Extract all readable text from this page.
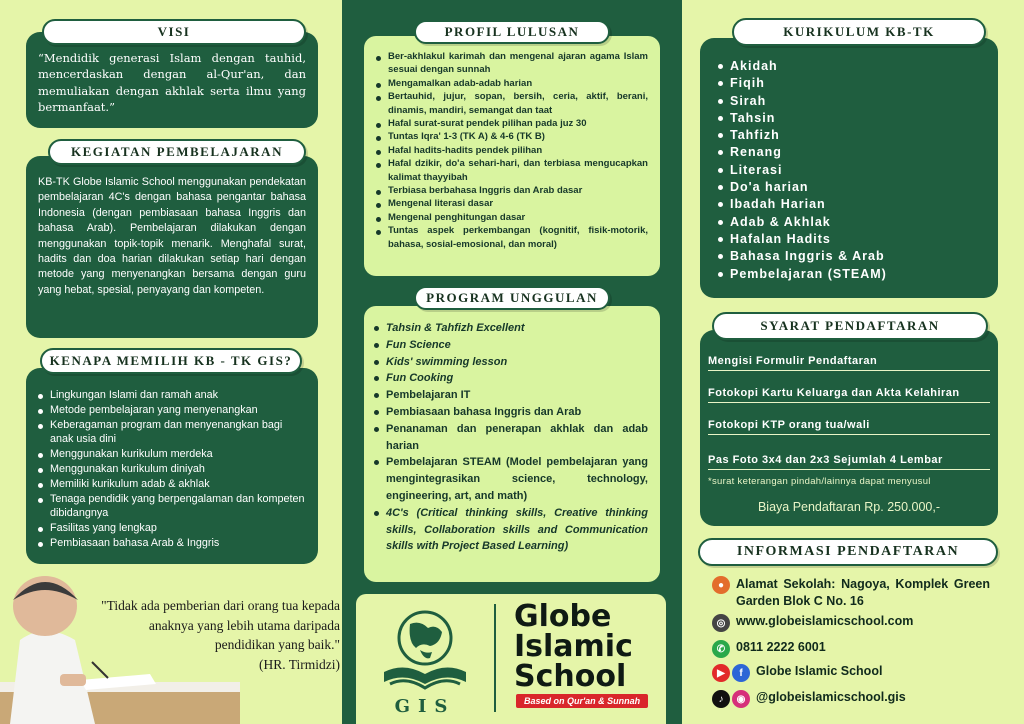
“Mendidik generasi Islam dengan tauhid, mencerdaskan dengan al-Qur'an, dan memuliakan dengan akhlak serta ilmu yang bermanfaat.”

VISI

KB-TK Globe Islamic School menggunakan pendekatan pembelajaran 4C's dengan bahasa pengantar bahasa Indonesia (dengan pembiasaan bahasa Inggris dan bahasa Arab). Pembelajaran dilakukan dengan menggunakan topik-topik menarik. Menghafal surat, hadits dan doa harian dilakukan setiap hari dengan metode yang menyenangkan bersama dengan guru yang hebat, spesial, penyayang dan kompeten.

KEGIATAN PEMBELAJARAN
Lingkungan Islami dan ramah anak
Metode pembelajaran yang menyenangkan
Keberagaman program dan menyenangkan bagi anak usia dini
Menggunakan kurikulum merdeka
Menggunakan kurikulum diniyah
Memiliki kurikulum adab & akhlak
Tenaga pendidik yang berpengalaman dan kompeten dibidangnya
Fasilitas yang lengkap
Pembiasaan bahasa Arab & Inggris
KENAPA MEMILIH KB - TK GIS?
"Tidak ada pemberian dari orang tua kepada anaknya yang lebih utama daripada pendidikan yang baik."
(HR. Tirmidzi)
Ber-akhlakul karimah dan mengenal ajaran agama Islam sesuai dengan sunnah
Mengamalkan adab-adab harian
Bertauhid, jujur, sopan, bersih, ceria, aktif, berani, dinamis, mandiri, semangat dan taat
Hafal surat-surat pendek pilihan pada juz 30
Tuntas Iqra' 1-3 (TK A) & 4-6 (TK B)
Hafal hadits-hadits pendek pilihan
Hafal dzikir, do'a sehari-hari, dan terbiasa mengucapkan kalimat thayyibah
Terbiasa berbahasa Inggris dan Arab dasar
Mengenal literasi dasar
Mengenal penghitungan dasar
Tuntas aspek perkembangan (kognitif, fisik-motorik, bahasa, sosial-emosional, dan moral)
PROFIL LULUSAN
Tahsin & Tahfizh Excellent
Fun Science
Kids' swimming lesson
Fun Cooking
Pembelajaran IT
Pembiasaan bahasa Inggris dan Arab
Penanaman dan penerapan akhlak dan adab harian
Pembelajaran STEAM (Model pembelajaran yang mengintegrasikan science, technology, engineering, art, and math)
4C's (Critical thinking skills, Creative thinking skills, Collaboration skills and Communication skills with Project Based Learning)
PROGRAM UNGGULAN
GIS
Globe
Islamic
School
Based on Qur'an & Sunnah
Akidah
Fiqih
Sirah
Tahsin
Tahfizh
Renang
Literasi
Do'a harian
Ibadah Harian
Adab & Akhlak
Hafalan Hadits
Bahasa Inggris & Arab
Pembelajaran (STEAM)
KURIKULUM KB-TK
Mengisi Formulir Pendaftaran
Fotokopi Kartu Keluarga dan Akta Kelahiran
Fotokopi KTP orang tua/wali
Pas Foto 3x4 dan 2x3 Sejumlah 4 Lembar
*surat keterangan pindah/lainnya dapat menyusul
Biaya Pendaftaran Rp. 250.000,-
SYARAT PENDAFTARAN
INFORMASI PENDAFTARAN
● Alamat Sekolah: Nagoya, Komplek Green Garden Blok C No. 16
◎ www.globeislamicschool.com
✆ 0811 2222 6001
▶	f	Globe Islamic School
♪	◉ @globeislamicschool.gis
